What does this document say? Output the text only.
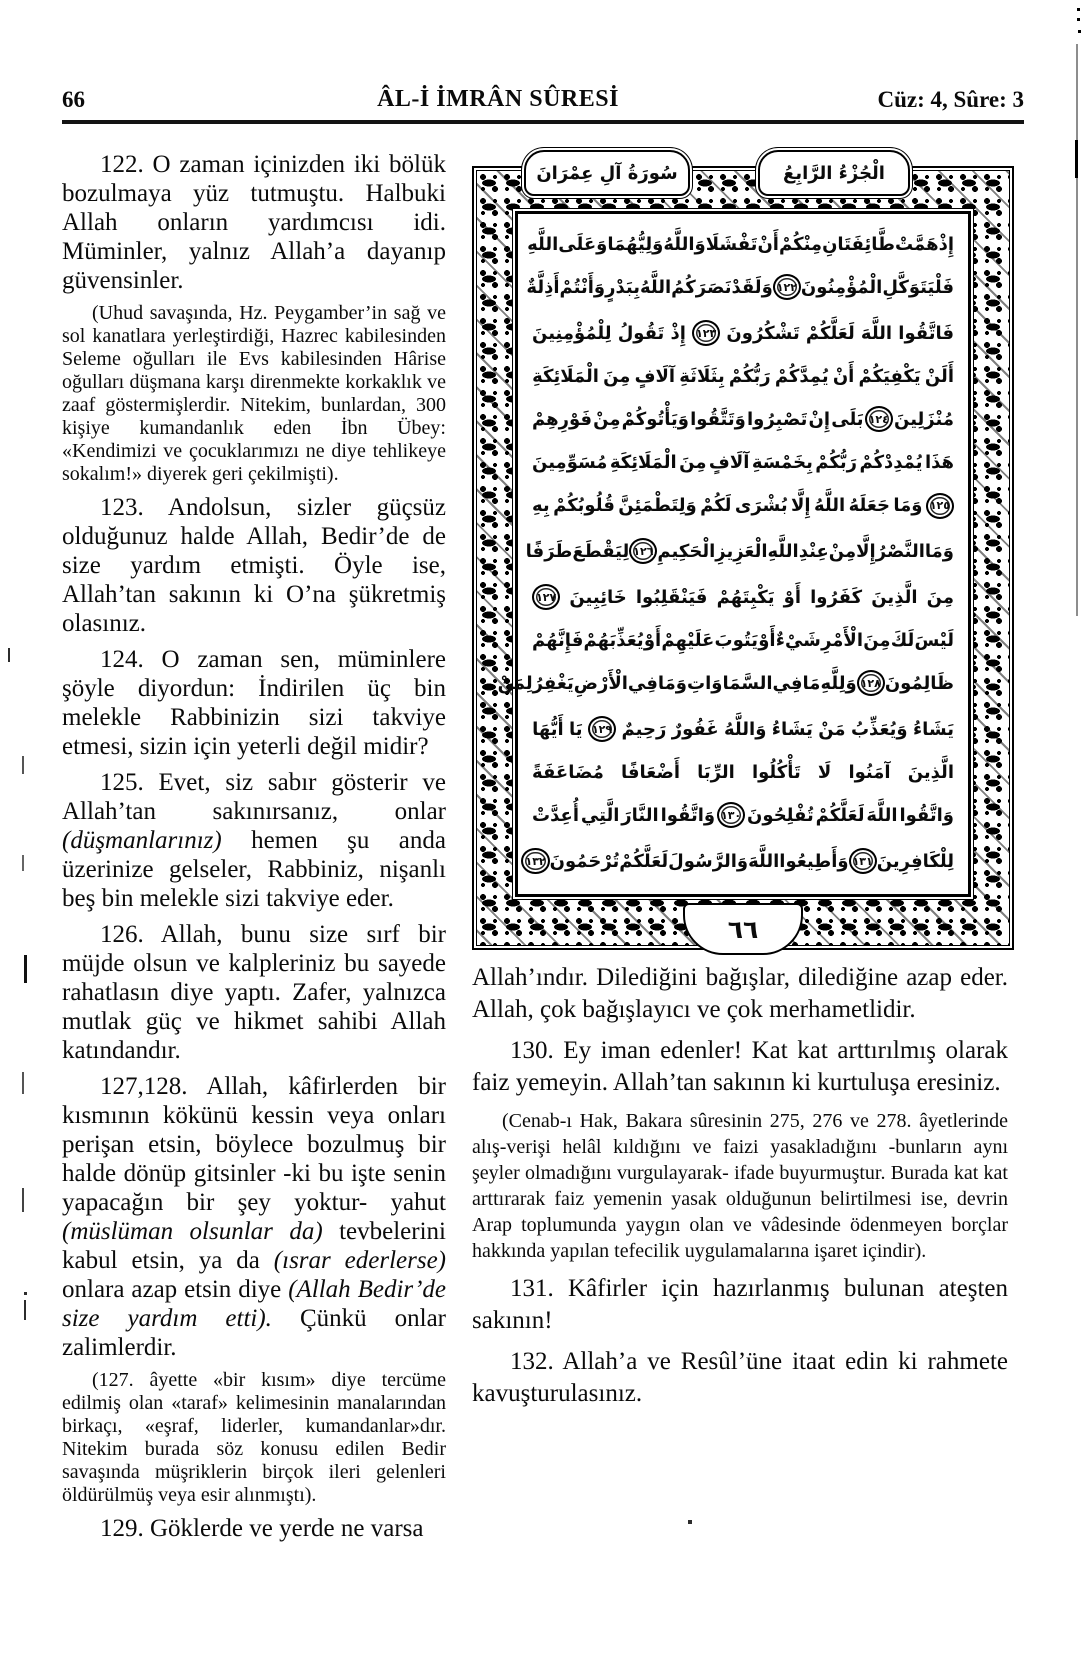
66	ÂL-İ İMRÂN SÛRESİ	Cüz: 4, Sûre: 3

122. O zaman içinizden iki bölük bozulmaya yüz tutmuştu. Halbuki Allah onların yardımcısı idi. Müminler, yalnız Allah’a dayanıp güvensinler.

(Uhud savaşında, Hz. Peygamber’in sağ ve sol kanatlara yerleştirdiği, Hazrec kabilesinden Seleme oğulları ile Evs kabilesinden Hârise oğulları düşmana karşı direnmekte korkaklık ve zaaf göstermişlerdir. Nitekim, bunlardan, 300 kişiye kumandanlık eden İbn Übey: «Kendimizi ve çocuklarımızı ne diye tehlikeye sokalım!» diyerek geri çekilmişti).

123. Andolsun, sizler güçsüz olduğunuz halde Allah, Bedir’de de size yardım etmişti. Öyle ise, Allah’tan sakının ki O’na şükretmiş olasınız.

124. O zaman sen, müminlere şöyle diyordun: İndirilen üç bin melekle Rabbinizin sizi takviye etmesi, sizin için yeterli değil midir?

125. Evet, siz sabır gösterir ve Allah’tan sakınırsanız, onlar (düşmanlarınız) hemen şu anda üzerinize gelseler, Rabbiniz, nişanlı beş bin melekle sizi takviye eder.

126. Allah, bunu size sırf bir müjde olsun ve kalpleriniz bu sayede rahatlasın diye yaptı. Zafer, yalnızca mutlak güç ve hikmet sahibi Allah katındandır.

127,128. Allah, kâfirlerden bir kısmının kökünü kessin veya onları perişan etsin, böylece bozulmuş bir halde dönüp gitsinler -ki bu işte senin yapacağın bir şey yoktur- yahut (müslüman olsunlar da) tevbelerini kabul etsin, ya da (ısrar ederlerse) onlara azap etsin diye (Allah Bedir’de size yardım etti). Çünkü onlar zalimlerdir.

(127. âyette «bir kısım» diye tercüme edilmiş olan «taraf» kelimesinin manalarından birkaçı, «eşraf, liderler, kumandanlar»dır. Nitekim burada söz konusu edilen Bedir savaşında müşriklerin birçok ileri gelenleri öldürülmüş veya esir alınmıştı).

129. Göklerde ve yerde ne varsa

إِذْ
هَمَّتْ
طَّائِفَتَانِ
مِنْكُمْ
أَنْ
تَفْشَلَا
وَاللَّهُ
وَلِيُّهُمَا
وَعَلَى
اللَّهِ
فَلْيَتَوَكَّلِ
الْمُؤْمِنُونَ
١٢٢
وَلَقَدْ
نَصَرَكُمُ
اللَّهُ
بِبَدْرٍ
وَأَنْتُمْ
أَذِلَّةٌ
فَاتَّقُوا
اللَّهَ
لَعَلَّكُمْ
تَشْكُرُونَ
١٢٣
إِذْ
تَقُولُ
لِلْمُؤْمِنِينَ
أَلَنْ
يَكْفِيَكُمْ
أَنْ
يُمِدَّكُمْ
رَبُّكُمْ
بِثَلَاثَةِ
آلَافٍ
مِنَ
الْمَلَائِكَةِ
مُنْزَلِينَ
١٢٤
بَلَى
إِنْ
تَصْبِرُوا
وَتَتَّقُوا
وَيَأْتُوكُمْ
مِنْ
فَوْرِهِمْ
هَذَا
يُمْدِدْكُمْ
رَبُّكُمْ
بِخَمْسَةِ
آلَافٍ
مِنَ
الْمَلَائِكَةِ
مُسَوِّمِينَ
١٢٥
وَمَا
جَعَلَهُ
اللَّهُ
إِلَّا
بُشْرَى
لَكُمْ
وَلِتَطْمَئِنَّ
قُلُوبُكُمْ
بِهِ
وَمَا
النَّصْرُ
إِلَّا
مِنْ
عِنْدِ
اللَّهِ
الْعَزِيزِ
الْحَكِيمِ
١٢٦
لِيَقْطَعَ
طَرَفًا
مِنَ
الَّذِينَ
كَفَرُوا
أَوْ
يَكْبِتَهُمْ
فَيَنْقَلِبُوا
خَائِبِينَ
١٢٧
لَيْسَ
لَكَ
مِنَ
الْأَمْرِ
شَيْءٌ
أَوْ
يَتُوبَ
عَلَيْهِمْ
أَوْ
يُعَذِّبَهُمْ
فَإِنَّهُمْ
ظَالِمُونَ
١٢٨
وَلِلَّهِ
مَا
فِي
السَّمَاوَاتِ
وَمَا
فِي
الْأَرْضِ
يَغْفِرُ
لِمَنْ
يَشَاءُ
وَيُعَذِّبُ
مَنْ
يَشَاءُ
وَاللَّهُ
غَفُورٌ
رَحِيمٌ
١٢٩
يَا
أَيُّهَا
الَّذِينَ
آمَنُوا
لَا
تَأْكُلُوا
الرِّبَا
أَضْعَافًا
مُضَاعَفَةً
وَاتَّقُوا
اللَّهَ
لَعَلَّكُمْ
تُفْلِحُونَ
١٣٠
وَاتَّقُوا
النَّارَ
الَّتِي
أُعِدَّتْ
لِلْكَافِرِينَ
١٣١
وَأَطِيعُوا
اللَّهَ
وَالرَّسُولَ
لَعَلَّكُمْ
تُرْحَمُونَ
١٣٢
سُورَةُ آلِ عِمْرَانَ	الْجُزْءُ الرَّابِعُ
٦٦

Allah’ındır. Dilediğini bağışlar, dilediğine azap eder. Allah, çok bağışlayıcı ve çok merhametlidir.

130. Ey iman edenler! Kat kat arttırılmış olarak faiz yemeyin. Allah’tan sakının ki kurtuluşa eresiniz.

(Cenab-ı Hak, Bakara sûresinin 275, 276 ve 278. âyetlerinde alış-verişi helâl kıldığını ve faizi yasakladığını -bunların aynı şeyler olmadığını vurgulayarak- ifade buyurmuştur. Burada kat kat arttırarak faiz yemenin yasak olduğunun belirtilmesi ise, devrin Arap toplumunda yaygın olan ve vâdesinde ödenmeyen borçlar hakkında yapılan tefecilik uygulamalarına işaret içindir).

131. Kâfirler için hazırlanmış bulunan ateşten sakının!

132. Allah’a ve Resûl’üne itaat edin ki rahmete kavuşturulasınız.
